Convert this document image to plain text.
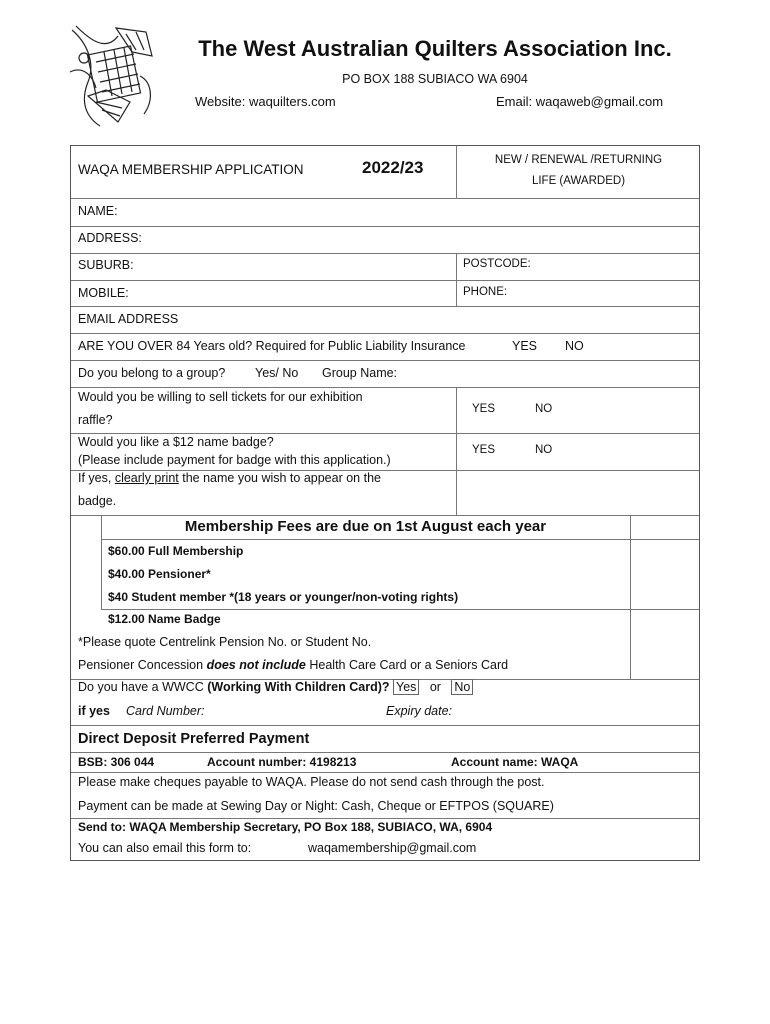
The West Australian Quilters Association Inc.
PO BOX 188 SUBIACO WA 6904
Website: waquilters.com	Email: waqaweb@gmail.com
WAQA MEMBERSHIP APPLICATION	2022/23	NEW / RENEWAL /RETURNING
LIFE (AWARDED)
NAME:
ADDRESS:
SUBURB:	POSTCODE:
MOBILE:	PHONE:
EMAIL ADDRESS
ARE YOU OVER 84 Years old? Required for Public Liability Insurance	YES NO
Do you belong to a group? Yes/ No Group Name:
Would you be willing to sell tickets for our exhibition
raffle?
YES	NO
Would you like a $12 name badge?
(Please include payment for badge with this application.)
YES	NO
If yes, clearly print the name you wish to appear on the
badge.
Membership Fees are due on 1st August each year
$60.00 Full Membership
$40.00 Pensioner*
$40 Student member *(18 years or younger/non-voting rights)
$12.00 Name Badge
*Please quote Centrelink Pension No. or Student No.
Pensioner Concession does not include Health Care Card or a Seniors Card
Do you have a WWCC (Working With Children Card)? Yes or No
if yes Card Number:	Expiry date:
Direct Deposit Preferred Payment
BSB: 306 044	Account number: 4198213	Account name: WAQA
Please make cheques payable to WAQA. Please do not send cash through the post.
Payment can be made at Sewing Day or Night: Cash, Cheque or EFTPOS (SQUARE)
Send to: WAQA Membership Secretary, PO Box 188, SUBIACO, WA, 6904
You can also email this form to:	waqamembership@gmail.com
